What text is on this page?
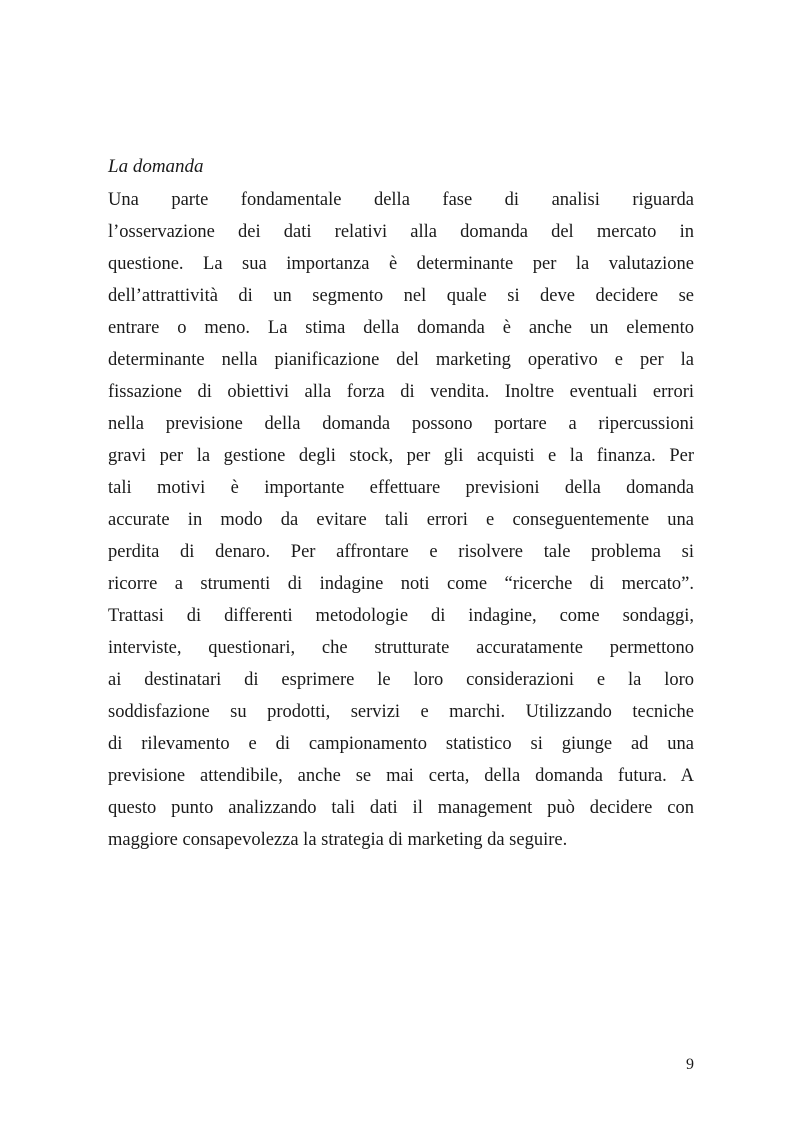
La domanda
Una parte fondamentale della fase di analisi riguarda
l’osservazione dei dati relativi alla domanda del mercato in
questione. La sua importanza è determinante per la valutazione
dell’attrattività di un segmento nel quale si deve decidere se
entrare o meno. La stima della domanda è anche un elemento
determinante nella pianificazione del marketing operativo e per la
fissazione di obiettivi alla forza di vendita. Inoltre eventuali errori
nella previsione della domanda possono portare a ripercussioni
gravi per la gestione degli stock, per gli acquisti e la finanza. Per
tali motivi è importante effettuare previsioni della domanda
accurate in modo da evitare tali errori e conseguentemente una
perdita di denaro. Per affrontare e risolvere tale problema si
ricorre a strumenti di indagine noti come “ricerche di mercato”.
Trattasi di differenti metodologie di indagine, come sondaggi,
interviste, questionari, che strutturate accuratamente permettono
ai destinatari di esprimere le loro considerazioni e la loro
soddisfazione su prodotti, servizi e marchi. Utilizzando tecniche
di rilevamento e di campionamento statistico si giunge ad una
previsione attendibile, anche se mai certa, della domanda futura. A
questo punto analizzando tali dati il management può decidere con
maggiore consapevolezza la strategia di marketing da seguire.
9
